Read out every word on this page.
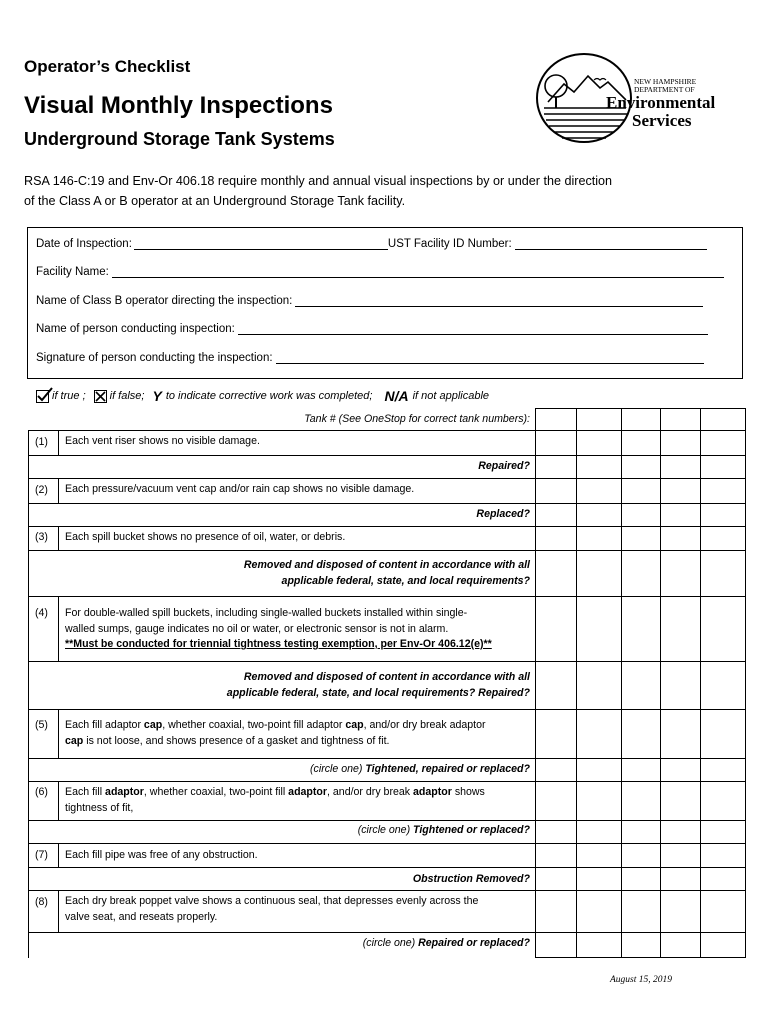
Operator’s Checklist
Visual Monthly Inspections
Underground Storage Tank Systems
RSA 146-C:19 and Env-Or 406.18 require monthly and annual visual inspections by or under the direction
of the Class A or B operator at an Underground Storage Tank facility.
NEW HAMPSHIRE
DEPARTMENT OF
Environmental
Services
Date of Inspection:	UST Facility ID Number:
Facility Name:
Name of Class B operator directing the inspection:
Name of person conducting inspection:
Signature of person conducting the inspection:
if true ; if false; Y to indicate corrective work was completed; N/A if not applicable
Tank # (See OneStop for correct tank numbers):
(1) Each vent riser shows no visible damage.
Repaired?
(2) Each pressure/vacuum vent cap and/or rain cap shows no visible damage.
Replaced?
(3) Each spill bucket shows no presence of oil, water, or debris.
Removed and disposed of content in accordance with all
applicable federal, state, and local requirements?
(4) For double-walled spill buckets, including single-walled buckets installed within single-
walled sumps, gauge indicates no oil or water, or electronic sensor is not in alarm.
**Must be conducted for triennial tightness testing exemption, per Env-Or 406.12(e)**
Removed and disposed of content in accordance with all
applicable federal, state, and local requirements? Repaired?
(5) Each fill adaptor cap, whether coaxial, two-point fill adaptor cap, and/or dry break adaptor
cap is not loose, and shows presence of a gasket and tightness of fit.
(circle one) Tightened, repaired or replaced?
(6) Each fill adaptor, whether coaxial, two-point fill adaptor, and/or dry break adaptor shows
tightness of fit,
(circle one) Tightened or replaced?
(7) Each fill pipe was free of any obstruction.
Obstruction Removed?
(8) Each dry break poppet valve shows a continuous seal, that depresses evenly across the
valve seat, and reseats properly.
(circle one) Repaired or replaced?
August 15, 2019
